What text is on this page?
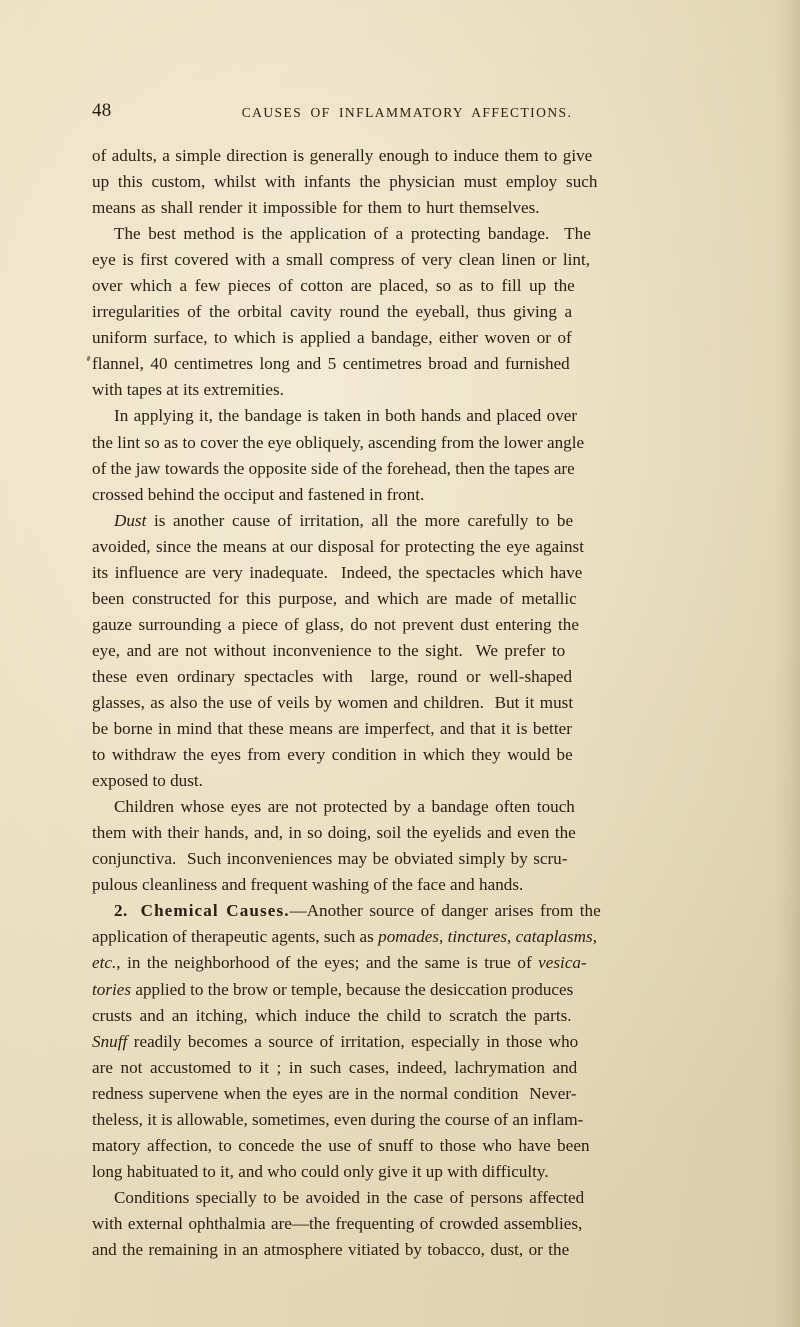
48	CAUSES OF INFLAMMATORY AFFECTIONS.
of adults, a simple direction is generally enough to induce them to give
up this custom, whilst with infants the physician must employ such
means as shall render it impossible for them to hurt themselves.
The best method is the application of a protecting bandage.  The
eye is first covered with a small compress of very clean linen or lint,
over which a few pieces of cotton are placed, so as to fill up the
irregularities of the orbital cavity round the eyeball, thus giving a
uniform surface, to which is applied a bandage, either woven or of
flannel, 40 centimetres long and 5 centimetres broad and furnished
with tapes at its extremities.
In applying it, the bandage is taken in both hands and placed over
the lint so as to cover the eye obliquely, ascending from the lower angle
of the jaw towards the opposite side of the forehead, then the tapes are
crossed behind the occiput and fastened in front.
Dust is another cause of irritation, all the more carefully to be
avoided, since the means at our disposal for protecting the eye against
its influence are very inadequate.  Indeed, the spectacles which have
been constructed for this purpose, and which are made of metallic
gauze surrounding a piece of glass, do not prevent dust entering the
eye, and are not without inconvenience to the sight.  We prefer to
these even ordinary spectacles with  large, round or well-shaped
glasses, as also the use of veils by women and children.  But it must
be borne in mind that these means are imperfect, and that it is better
to withdraw the eyes from every condition in which they would be
exposed to dust.
Children whose eyes are not protected by a bandage often touch
them with their hands, and, in so doing, soil the eyelids and even the
conjunctiva.  Such inconveniences may be obviated simply by scru-
pulous cleanliness and frequent washing of the face and hands.
2. Chemical Causes.—Another source of danger arises from the
application of therapeutic agents, such as pomades, tinctures, cataplasms,
etc., in the neighborhood of the eyes; and the same is true of vesica-
tories applied to the brow or temple, because the desiccation produces
crusts and an itching, which induce the child to scratch the parts.
Snuff readily becomes a source of irritation, especially in those who
are not accustomed to it ; in such cases, indeed, lachrymation and
redness supervene when the eyes are in the normal condition  Never-
theless, it is allowable, sometimes, even during the course of an inflam-
matory affection, to concede the use of snuff to those who have been
long habituated to it, and who could only give it up with difficulty.
Conditions specially to be avoided in the case of persons affected
with external ophthalmia are—the frequenting of crowded assemblies,
and the remaining in an atmosphere vitiated by tobacco, dust, or the
